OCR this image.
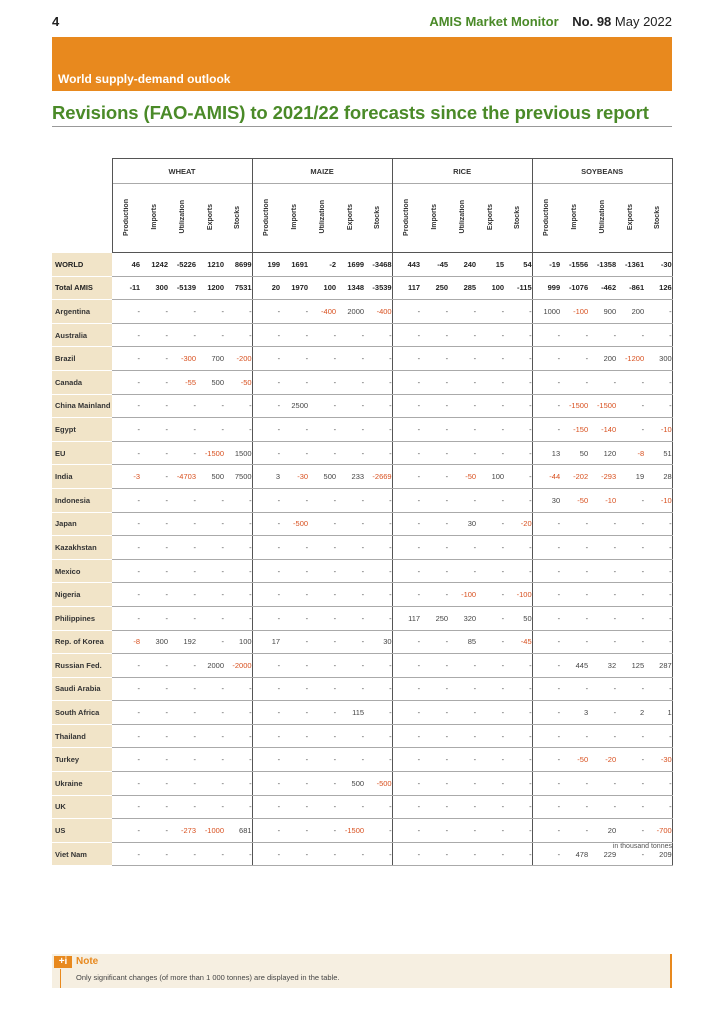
4	AMIS Market Monitor No. 98 May 2022
World supply-demand outlook
Revisions (FAO-AMIS) to 2021/22 forecasts since the previous report
	WHEAT					MAIZE					RICE					SOYBEANS				
	Production	Imports	Utilization	Exports	Stocks	Production	Imports	Utilization	Exports	Stocks	Production	Imports	Utilization	Exports	Stocks	Production	Imports	Utilization	Exports	Stocks
WORLD	46	1242	-5226	1210	8699	199	1691	-2	1699	-3468	443	-45	240	15	54	-19	-1556	-1358	-1361	-30
Total AMIS	-11	300	-5139	1200	7531	20	1970	100	1348	-3539	117	250	285	100	-115	999	-1076	-462	-861	126
Argentina	-	-	-	-	-	-	-	-400	2000	-400	-	-	-	-	-	1000	-100	900	200	-
Australia	-	-	-	-	-	-	-	-	-	-	-	-	-	-	-	-	-	-	-	-
Brazil	-	-	-300	700	-200	-	-	-	-	-	-	-	-	-	-	-	-	200	-1200	300
Canada	-	-	-55	500	-50	-	-	-	-	-	-	-	-	-	-	-	-	-	-	-
China Mainland	-	-	-	-	-	-	2500	-	-	-	-	-	-	-	-	-	-1500	-1500	-	-
Egypt	-	-	-	-	-	-	-	-	-	-	-	-	-	-	-	-	-150	-140	-	-10
EU	-	-	-	-1500	1500	-	-	-	-	-	-	-	-	-	-	13	50	120	-8	51
India	-3	-	-4703	500	7500	3	-30	500	233	-2669	-	-	-50	100	-	-44	-202	-293	19	28
Indonesia	-	-	-	-	-	-	-	-	-	-	-	-	-	-	-	30	-50	-10	-	-10
Japan	-	-	-	-	-	-	-500	-	-	-	-	-	30	-	-20	-	-	-	-	-
Kazakhstan	-	-	-	-	-	-	-	-	-	-	-	-	-	-	-	-	-	-	-	-
Mexico	-	-	-	-	-	-	-	-	-	-	-	-	-	-	-	-	-	-	-	-
Nigeria	-	-	-	-	-	-	-	-	-	-	-	-	-100	-	-100	-	-	-	-	-
Philippines	-	-	-	-	-	-	-	-	-	-	117	250	320	-	50	-	-	-	-	-
Rep. of Korea	-8	300	192	-	100	17	-	-	-	30	-	-	85	-	-45	-	-	-	-	-
Russian Fed.	-	-	-	2000	-2000	-	-	-	-	-	-	-	-	-	-	-	445	32	125	287
Saudi Arabia	-	-	-	-	-	-	-	-	-	-	-	-	-	-	-	-	-	-	-	-
South Africa	-	-	-	-	-	-	-	-	115	-	-	-	-	-	-	-	3	-	2	1
Thailand	-	-	-	-	-	-	-	-	-	-	-	-	-	-	-	-	-	-	-	-
Turkey	-	-	-	-	-	-	-	-	-	-	-	-	-	-	-	-	-50	-20	-	-30
Ukraine	-	-	-	-	-	-	-	-	500	-500	-	-	-	-	-	-	-	-	-	-
UK	-	-	-	-	-	-	-	-	-	-	-	-	-	-	-	-	-	-	-	-
US	-	-	-273	-1000	681	-	-	-	-1500	-	-	-	-	-	-	-	-	20	-	-700
Viet Nam	-	-	-	-	-	-	-	-	-	-	-	-	-	-	-	-	478	229	-	209
in thousand tonnes
+i Note
Only significant changes (of more than 1 000 tonnes) are displayed in the table.
